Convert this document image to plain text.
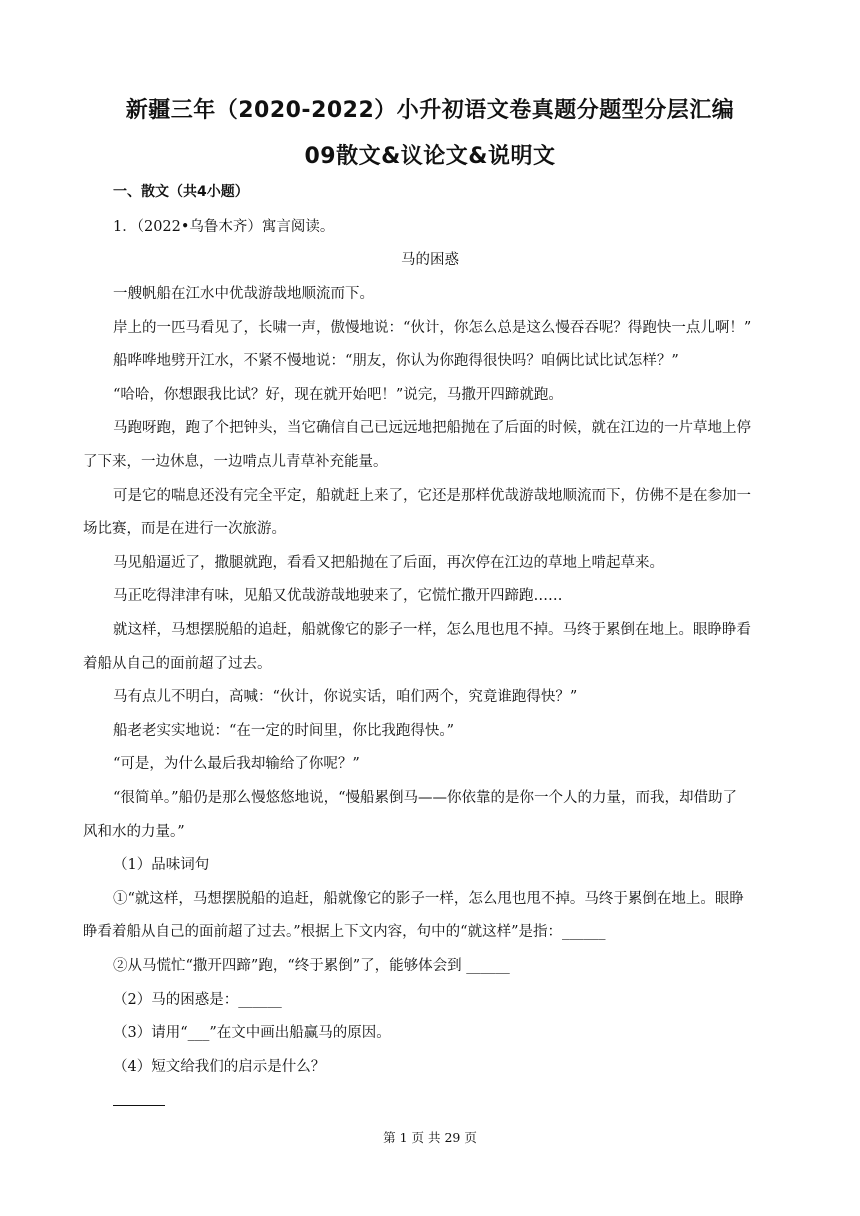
新疆三年（2020-2022）小升初语文卷真题分题型分层汇编
09散文&议论文&说明文
一、散文（共4小题）
1．（2022•乌鲁木齐）寓言阅读。
马的困惑
一艘帆船在江水中优哉游哉地顺流而下。
岸上的一匹马看见了，长啸一声，傲慢地说：“伙计，你怎么总是这么慢吞吞呢？得跑快一点儿啊！”
船哗哗地劈开江水，不紧不慢地说：“朋友，你认为你跑得很快吗？咱俩比试比试怎样？”
“哈哈，你想跟我比试？好，现在就开始吧！”说完，马撒开四蹄就跑。
马跑呀跑，跑了个把钟头，当它确信自己已远远地把船抛在了后面的时候，就在江边的一片草地上停
了下来，一边休息，一边啃点儿青草补充能量。
可是它的喘息还没有完全平定，船就赶上来了，它还是那样优哉游哉地顺流而下，仿佛不是在参加一
场比赛，而是在进行一次旅游。
马见船逼近了，撒腿就跑，看看又把船抛在了后面，再次停在江边的草地上啃起草来。
马正吃得津津有味，见船又优哉游哉地驶来了，它慌忙撒开四蹄跑……
就这样，马想摆脱船的追赶，船就像它的影子一样，怎么甩也甩不掉。马终于累倒在地上。眼睁睁看
着船从自己的面前超了过去。
马有点儿不明白，高喊：“伙计，你说实话，咱们两个，究竟谁跑得快？”
船老老实实地说：“在一定的时间里，你比我跑得快。”
“可是，为什么最后我却输给了你呢？”
“很简单。”船仍是那么慢悠悠地说，“慢船累倒马——你依靠的是你一个人的力量，而我，却借助了
风和水的力量。”
（1）品味词句
①“就这样，马想摆脱船的追赶，船就像它的影子一样，怎么甩也甩不掉。马终于累倒在地上。眼睁
睁看着船从自己的面前超了过去。”根据上下文内容，句中的“就这样”是指：______
②从马慌忙“撒开四蹄”跑，“终于累倒”了，能够体会到 ______
（2）马的困惑是：______
（3）请用“___”在文中画出船赢马的原因。
（4）短文给我们的启示是什么？
第 1 页 共 29 页
